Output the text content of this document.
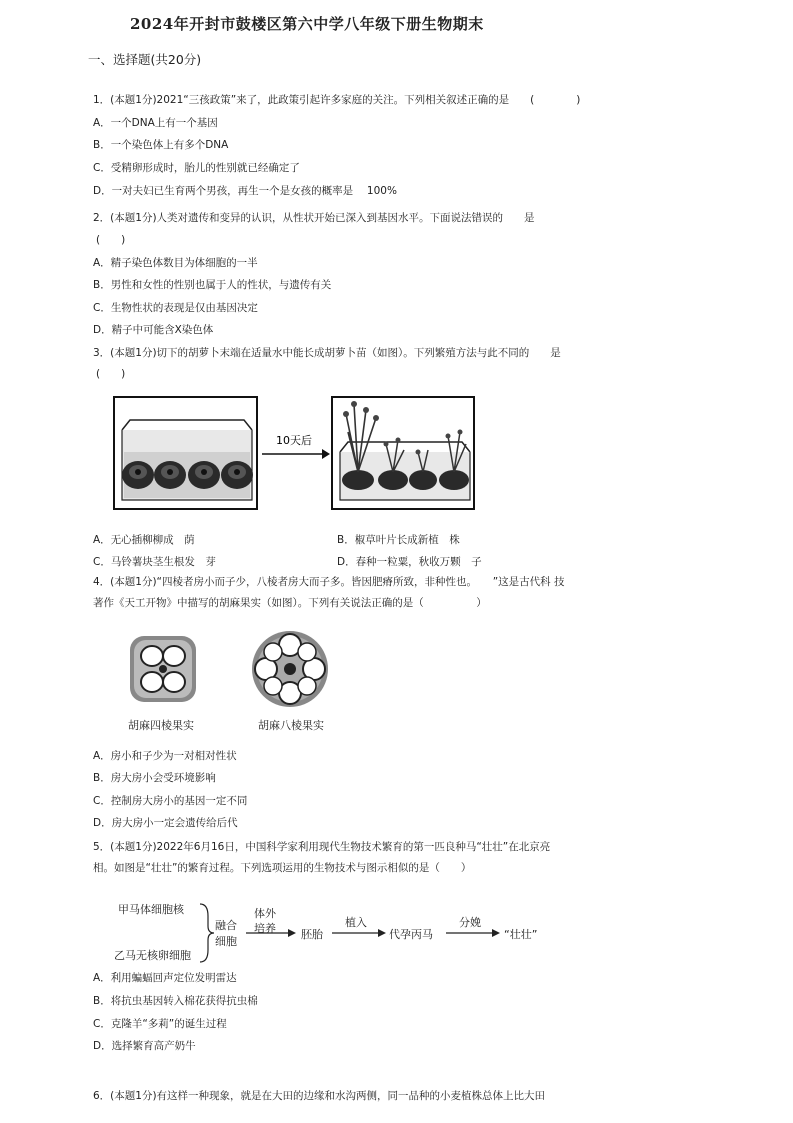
2024年开封市鼓楼区第六中学八年级下册生物期末
一、选择题(共20分)
1．(本题1分)2021“三孩政策”来了，此政策引起许多家庭的关注。下列相关叙述正确的是　　(　　　　)
A．一个DNA上有一个基因
B．一个染色体上有多个DNA
C．受精卵形成时，胎儿的性别就已经确定了
D．一对夫妇已生育两个男孩，再生一个是女孩的概率是　 100%
2．(本题1分)人类对遗传和变异的认识，从性状开始已深入到基因水平。下面说法错误的　　是
(　　)
A．精子染色体数目为体细胞的一半
B．男性和女性的性别也属于人的性状，与遗传有关
C．生物性状的表现是仅由基因决定
D．精子中可能含X染色体
3．(本题1分)切下的胡萝卜末端在适量水中能长成胡萝卜苗（如图）。下列繁殖方法与此不同的　　是
(　　)
10天后
A．无心插柳柳成　荫	B．椒草叶片长成新植　株
C．马铃薯块茎生根发　芽	D．春种一粒粟，秋收万颗　子
4．(本题1分)“四棱者房小而子少，八棱者房大而子多。皆因肥瘠所致，非种性也。　　”这是古代科 技
著作《天工开物》中描写的胡麻果实（如图）。下列有关说法正确的是（　　　　　）
胡麻四棱果实	胡麻八棱果实
A．房小和子少为一对相对性状
B．房大房小会受环境影响
C．控制房大房小的基因一定不同
D．房大房小一定会遗传给后代
5．(本题1分)2022年6月16日，中国科学家利用现代生物技术繁育的第一匹良种马“壮壮”在北京亮
相。如图是“壮壮”的繁育过程。下列选项运用的生物技术与图示相似的是（　　）
甲马体细胞核
乙马无核卵细胞
融合
细胞
体外
培养 胚胎
植入
代孕丙马
分娩
“壮壮”
A．利用蝙蝠回声定位发明雷达
B．将抗虫基因转入棉花获得抗虫棉
C．克隆羊“多莉”的诞生过程
D．选择繁育高产奶牛
6．(本题1分)有这样一种现象，就是在大田的边缘和水沟两侧，同一品种的小麦植株总体上比大田
